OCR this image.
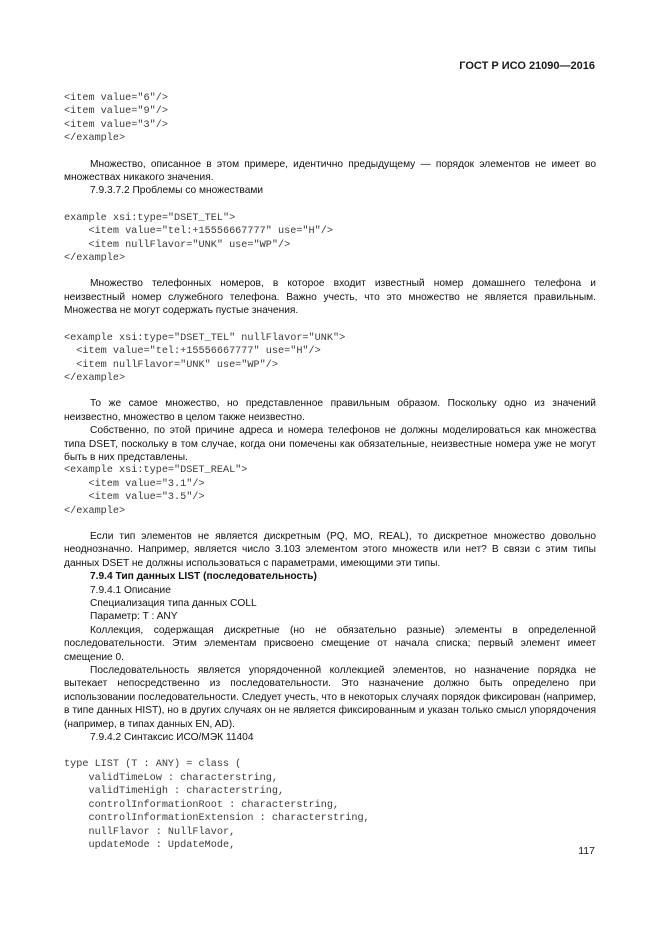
ГОСТ Р ИСО 21090—2016
<item value="6"/>
<item value="9"/>
<item value="3"/>
</example>

Множество, описанное в этом примере, идентично предыдущему — порядок элементов не имеет во множествах никакого значения.

7.9.3.7.2 Проблемы со множествами

example xsi:type="DSET_TEL">
<item value="tel:+15556667777" use="H"/>
<item nullFlavor="UNK" use="WP"/>
</example>

Множество телефонных номеров, в которое входит известный номер домашнего телефона и неизвестный номер служебного телефона. Важно учесть, что это множество не является правильным. Множества не могут содержать пустые значения.

<example xsi:type="DSET_TEL" nullFlavor="UNK">
<item value="tel:+15556667777" use="H"/>
<item nullFlavor="UNK" use="WP"/>
</example>

То же самое множество, но представленное правильным образом. Поскольку одно из значений неизвестно, множество в целом также неизвестно.

Собственно, по этой причине адреса и номера телефонов не должны моделироваться как множества типа DSET, поскольку в том случае, когда они помечены как обязательные, неизвестные номера уже не могут быть в них представлены.

<example xsi:type="DSET_REAL">
<item value="3.1"/>
<item value="3.5"/>
</example>

Если тип элементов не является дискретным (PQ, MO, REAL), то дискретное множество довольно неоднозначно. Например, является число 3.103 элементом этого множеств или нет? В связи с этим типы данных DSET не должны использоваться с параметрами, имеющими эти типы.

7.9.4 Тип данных LIST (последовательность)

7.9.4.1 Описание

Специализация типа данных COLL

Параметр: T : ANY

Коллекция, содержащая дискретные (но не обязательно разные) элементы в определенной последовательности. Этим элементам присвоено смещение от начала списка; первый элемент имеет смещение 0.

Последовательность является упорядоченной коллекцией элементов, но назначение порядка не вытекает непосредственно из последовательности. Это назначение должно быть определено при использовании последовательности. Следует учесть, что в некоторых случаях порядок фиксирован (например, в типе данных HIST), но в других случаях он не является фиксированным и указан только смысл упорядочения (например, в типах данных EN, AD).

7.9.4.2 Синтаксис ИСО/МЭК 11404

type LIST (T : ANY) = class (
validTimeLow : characterstring,
validTimeHigh : characterstring,
controlInformationRoot : characterstring,
controlInformationExtension : characterstring,
nullFlavor : NullFlavor,
updateMode : UpdateMode,	117
